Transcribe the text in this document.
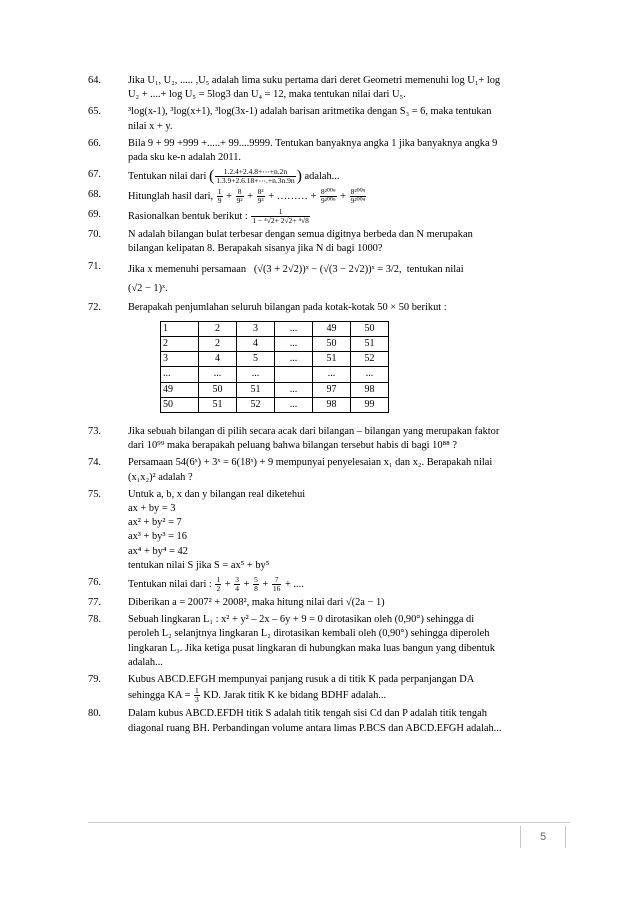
64.	Jika U₁, U₂, ..... ,U₅ adalah lima suku pertama dari deret Geometri memenuhi log U₁+ log
U₂ + ....+ log U₅ = 5log3 dan U₄ = 12, maka tentukan nilai dari U₅.
65.	³log(x-1), ³log(x+1), ³log(3x-1) adalah barisan aritmetika dengan S₃ = 6, maka tentukan
nilai x + y.
66.	Bila 9 + 99 +999 +.....+ 99....9999. Tentukan banyaknya angka 1 jika banyaknya angka 9
pada sku ke-n adalah 2011.
67.	Tentukan nilai dari ( $\frac{1.2.4+2.4.8+\cdots+n.2n}{1.3.9+2.6.18+\cdots.+n.3n.9n}$ ) adalah...
68.	Hitunglah hasil dari, $\frac{1}{9} + \frac{8}{\text{9²}} + \frac{\text{8²}}{\text{9³}}$ + ……… + $\frac{\text{8²⁰⁰⁹}}{\text{9²⁰⁰⁹}} + \frac{\text{8²⁰⁰⁹}}{\text{9²⁰⁰⁹}}$
69.	Rasionalkan bentuk berikut : $\frac{1}{\text{1 − ⁴√2+ 2√2+ ⁴√8}}$
70.	N adalah bilangan bulat terbesar dengan semua digitnya berbeda dan N merupakan
bilangan kelipatan 8. Berapakah sisanya jika N di bagi 1000?
71.	Jika x memenuhi persamaan (√(3 + 2√2))ˣ − (√(3 − 2√2))ˣ = 3/2, tentukan nilai
(√2 − 1)ˣ.
72.	Berapakah penjumlahan seluruh bilangan pada kotak-kotak 50 × 50 berikut :
1	2	3	...	49	50
2	2	4	...	50	51
3	4	5	...	51	52
...	...	...		...	...
49	50	51	...	97	98
50	51	52	...	98	99
73.	Jika sebuah bilangan di pilih secara acak dari bilangan – bilangan yang merupakan faktor
dari 10⁹⁹ maka berapakah peluang bahwa bilangan tersebut habis di bagi 10⁸⁸ ?
74.	Persamaan 54(6ˣ) + 3ˣ = 6(18ˣ) + 9 mempunyai penyelesaian x₁ dan x₂. Berapakah nilai
(x₁x₂)² adalah ?
75.	Untuk a, b, x dan y bilangan real diketehui
ax + by = 3
ax² + by² = 7
ax³ + by³ = 16
ax⁴ + by⁴ = 42
tentukan nilai S jika S = ax⁵ + by⁵
76.	Tentukan nilai dari : $\frac{1}{2} + \frac{3}{4} + \frac{5}{8} + \frac{7}{16}$ + ....
77.	Diberikan a = 2007² + 2008², maka hitung nilai dari √(2a − 1)
78.	Sebuah lingkaran L₁ : x² + y² – 2x – 6y + 9 = 0 dirotasikan oleh (0,90°) sehingga di
peroleh L₂ selanjtnya lingkaran L₂ dirotasikan kembali oleh (0,90°) sehingga diperoleh
lingkaran L₃. Jika ketiga pusat lingkaran di hubungkan maka luas bangun yang dibentuk
adalah...
79.	Kubus ABCD.EFGH mempunyai panjang rusuk a di titik K pada perpanjangan DA
sehingga KA = $\frac{1}{3}$ KD. Jarak titik K ke bidang BDHF adalah...
80.	Dalam kubus ABCD.EFDH titik S adalah titik tengah sisi Cd dan P adalah titik tengah
diagonal ruang BH. Perbandingan volume antara limas P.BCS dan ABCD.EFGH adalah...
5
